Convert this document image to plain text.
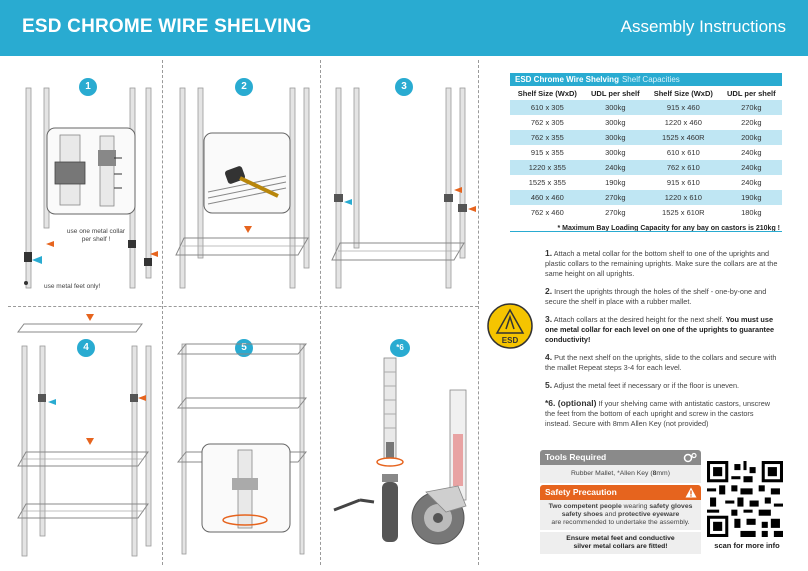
ESD CHROME WIRE SHELVING	Assembly Instructions
1	2	3
4	5	*6
use one metal collar
per shelf !
use metal feet only!
ESD Chrome Wire Shelving Shelf Capacities
Shelf Size (WxD)	UDL per shelf	Shelf Size (WxD)	UDL per shelf
610 x 305	300kg	915 x 460	270kg
762 x 305	300kg	1220 x 460	220kg
762 x 355	300kg	1525 x 460R	200kg
915 x 355	300kg	610 x 610	240kg
1220 x 355	240kg	762 x 610	240kg
1525 x 355	190kg	915 x 610	240kg
460 x 460	270kg	1220 x 610	190kg
762 x 460	270kg	1525 x 610R	180kg
* Maximum Bay Loading Capacity for any bay on castors is 210kg !
ESD
1. Attach a metal collar for the bottom shelf to one of the uprights and plastic collars to the remaining uprights. Make sure the collars are at the same height on all uprights.
2. Insert the uprights through the holes of the shelf - one-by-one and secure the shelf in place with a rubber mallet.
3. Attach collars at the desired height for the next shelf. You must use one metal collar for each level on one of the uprights to guarantee conductivity!
4. Put the next shelf on the uprights, slide to the collars and secure with the mallet Repeat steps 3-4 for each level.
5. Adjust the metal feet if necessary or if the floor is uneven.
*6. (optional) If your shelving came with antistatic castors, unscrew the feet from the bottom of each upright and screw in the castors instead. Secure with 8mm Allen Key (not provided)
Tools Required
Rubber Mallet, *Allen Key (8mm)
Safety Precaution
Two competent people wearing safety gloves
safety shoes and protective eyeware
are recommended to undertake the assembly.
Ensure metal feet and conductive
silver metal collars are fitted!	scan for more info
